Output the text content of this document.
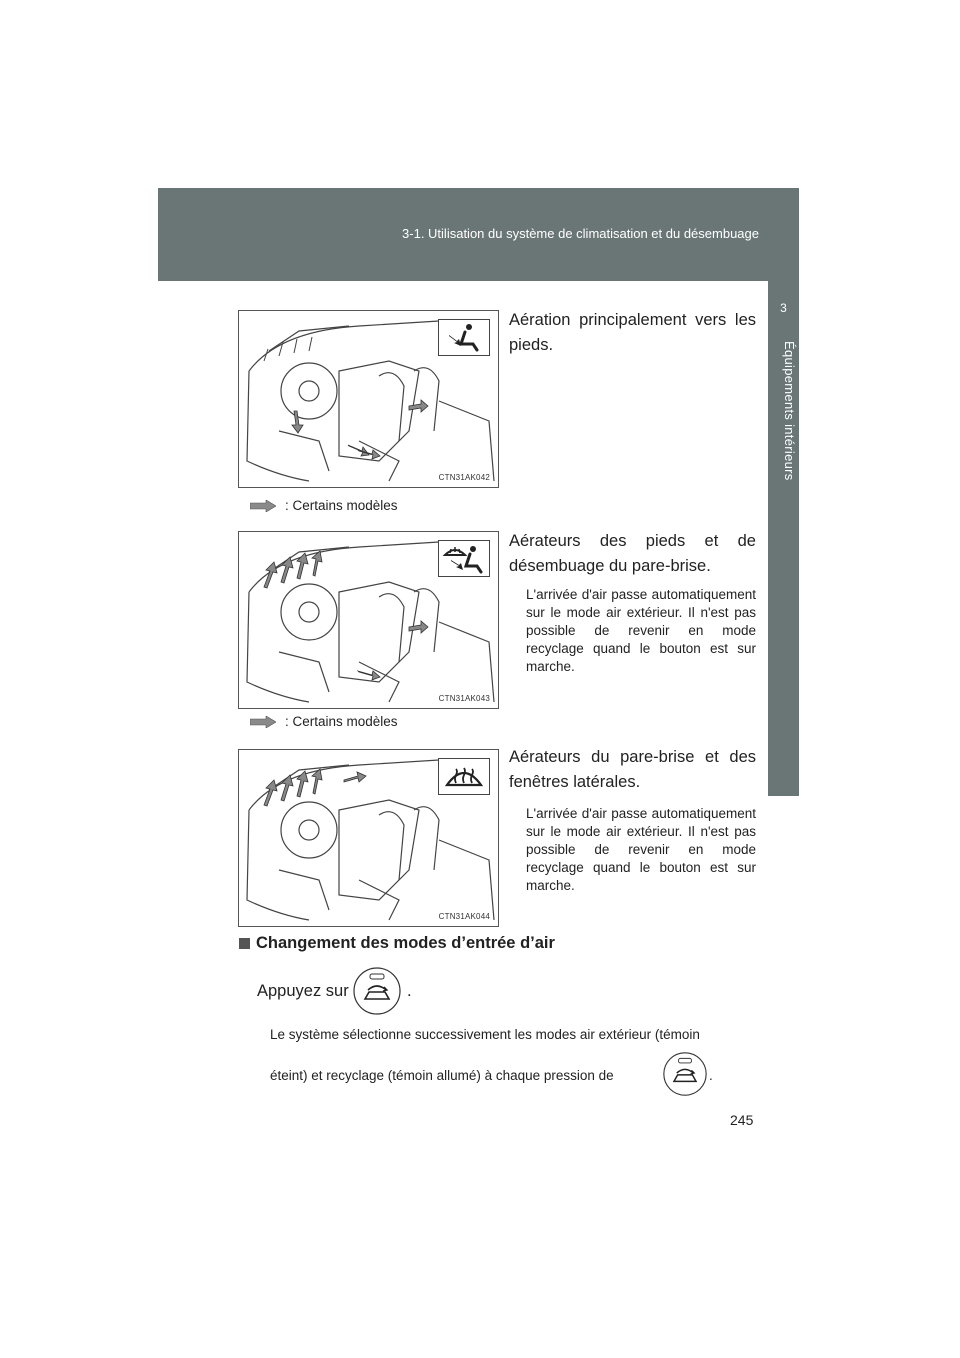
3-1. Utilisation du système de climatisation et du désembuage
3
Équipements intérieurs
CTN31AK042
Aération principalement vers les pieds.
: Certains modèles
CTN31AK043
Aérateurs des pieds et de désembuage du pare-brise.
L'arrivée d'air passe automatiquement sur le mode air extérieur. Il n'est pas possible de revenir en mode recyclage quand le bouton est sur marche.
: Certains modèles
CTN31AK044
Aérateurs du pare-brise et des fenêtres latérales.
L'arrivée d'air passe automatiquement sur le mode air extérieur. Il n'est pas possible de revenir en mode recyclage quand le bouton est sur marche.
Changement des modes d’entrée d’air
Appuyez sur	.
Le système sélectionne successivement les modes air extérieur (témoin
éteint) et recyclage (témoin allumé) à chaque pression de	.
245
